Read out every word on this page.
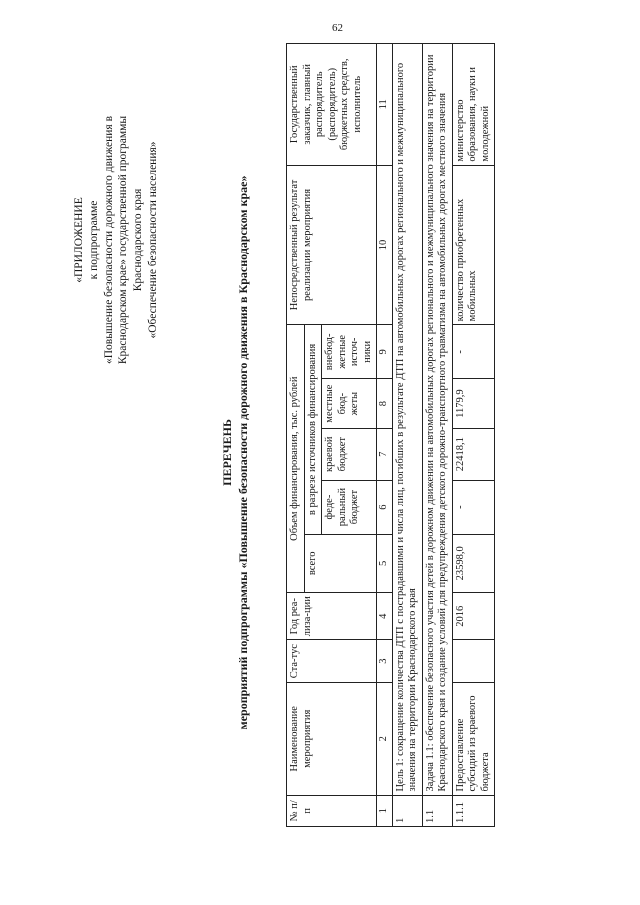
62
«ПРИЛОЖЕНИЕ к подпрограмме «Повышение безопасности дорожного движения в Краснодарском крае» государственной программы Краснодарского края «Обеспечение безопасности населения»
ПЕРЕЧЕНЬ мероприятий подпрограммы «Повышение безопасности дорожного движения в Краснодарском крае»
№ п/п	Наименование мероприятия	Ста-тус	Год реа-лиза-ции	Объем финансирования, тыс. рублей					Непосредственный результат реализации мероприятия	Государственный заказчик, главный распорядитель (распорядитель) бюджетных средств, исполнитель
				всего	в разрезе источников финансирования					
					феде-ральный бюджет	краевой бюджет	местные бюд-жеты	внебюд-жетные источ-ники		
1	2	3	4	5	6	7	8	9	10	11
1	Цель 1: сокращение количества ДТП с пострадавшими и числа лиц, погибших в результате ДТП на автомобильных дорогах регионального и межмуниципального значения на территории Краснодарского края									
1.1	Задача 1.1: обеспечение безопасного участия детей в дорожном движении на автомобильных дорогах регионального и межмуниципального значения на территории Краснодарского края и создание условий для предупреждения детского дорожно-транспортного травматизма на автомобильных дорогах местного значения									
1.1.1	Предоставление субсидий из краевого бюджета		2016	23598,0	-	22418,1	1179,9	-	количество приобретенных мобильных	министерство образования, науки и молодежной
